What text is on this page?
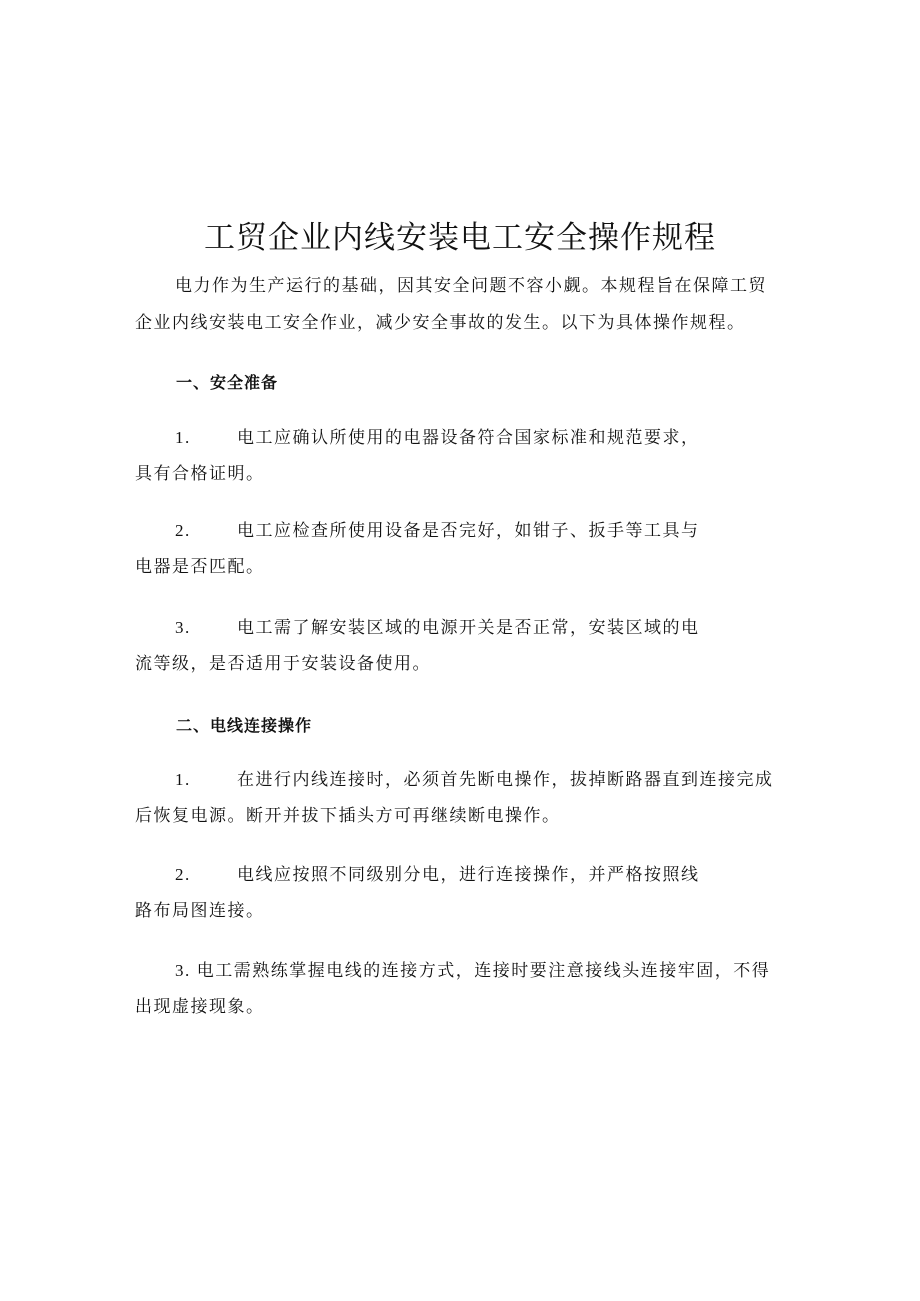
工贸企业内线安装电工安全操作规程
电力作为生产运行的基础，因其安全问题不容小觑。本规程旨在保障工贸企业内线安装电工安全作业，减少安全事故的发生。以下为具体操作规程。
一、安全准备
1.	电工应确认所使用的电器设备符合国家标准和规范要求，
具有合格证明。
2.	电工应检查所使用设备是否完好，如钳子、扳手等工具与
电器是否匹配。
3.	电工需了解安装区域的电源开关是否正常，安装区域的电
流等级，是否适用于安装设备使用。
二、电线连接操作
1.	在进行内线连接时，必须首先断电操作，拔掉断路器直到连接完成
后恢复电源。断开并拔下插头方可再继续断电操作。
2.	电线应按照不同级别分电，进行连接操作，并严格按照线
路布局图连接。
3. 电工需熟练掌握电线的连接方式，连接时要注意接线头连接牢固，不得
出现虚接现象。
